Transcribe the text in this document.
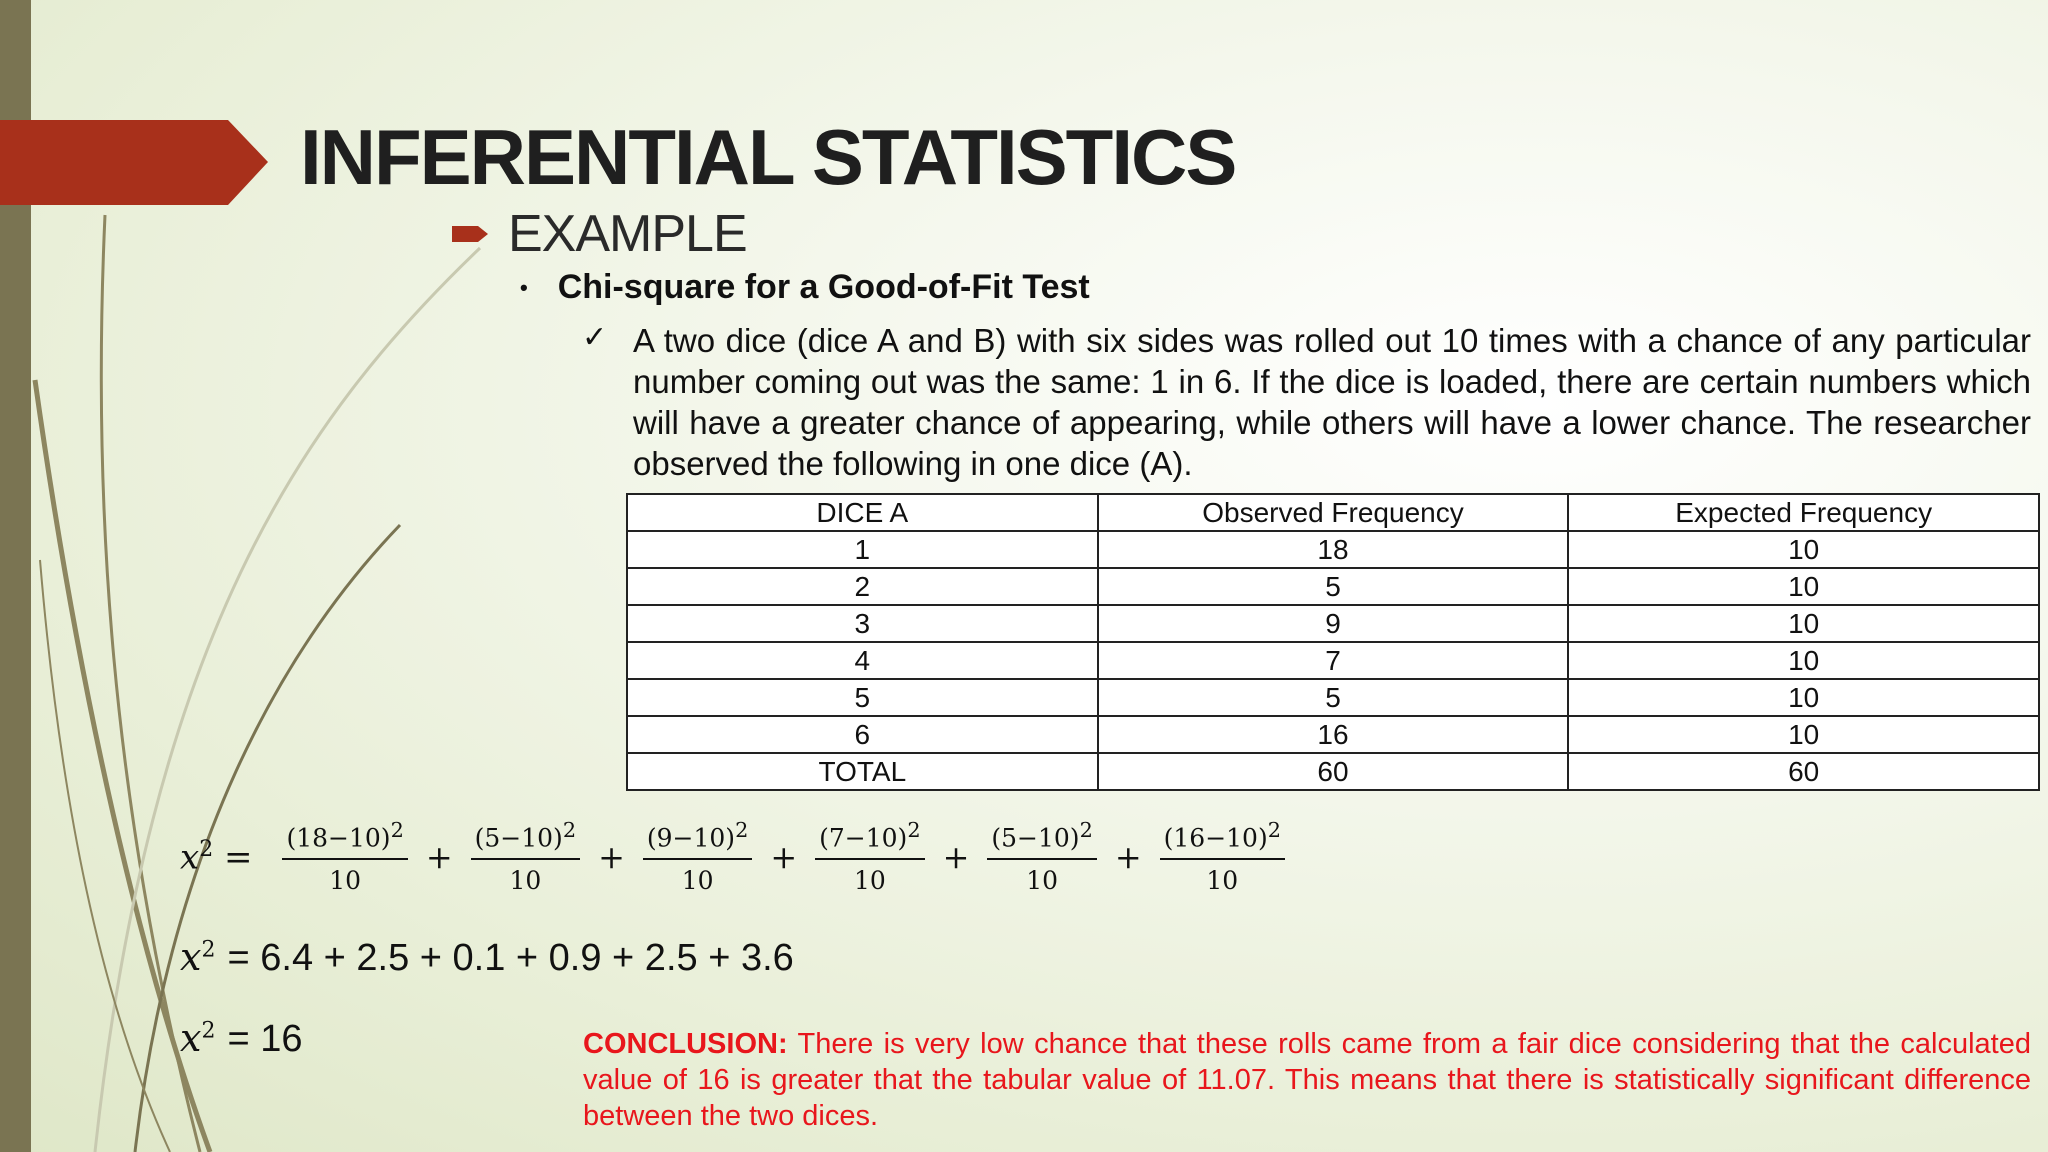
INFERENTIAL STATISTICS
EXAMPLE
• Chi-square for a Good-of-Fit Test
✓ A two dice (dice A and B) with six sides was rolled out 10 times with a chance of any particular number coming out was the same: 1 in 6. If the dice is loaded, there are certain numbers which will have a greater chance of appearing, while others will have a lower chance. The researcher observed the following in one dice (A).

DICE A	Observed Frequency	Expected Frequency
1	18	10
2	5	10
3	9	10
4	7	10
5	5	10
6	16	10
TOTAL	60	60
$x^2 = \frac{(18-10)^2}{10} + \frac{(5-10)^2}{10} + \frac{(9-10)^2}{10} + \frac{(7-10)^2}{10} + \frac{(5-10)^2}{10} + \frac{(16-10)^2}{10}$
$x^2 = 6.4 + 2.5 + 0.1 + 0.9 + 2.5 + 3.6$
$x^2 = 16$	CONCLUSION: There is very low chance that these rolls came from a fair dice considering that the calculated value of 16 is greater that the tabular value of 11.07. This means that there is statistically significant difference between the two dices.
